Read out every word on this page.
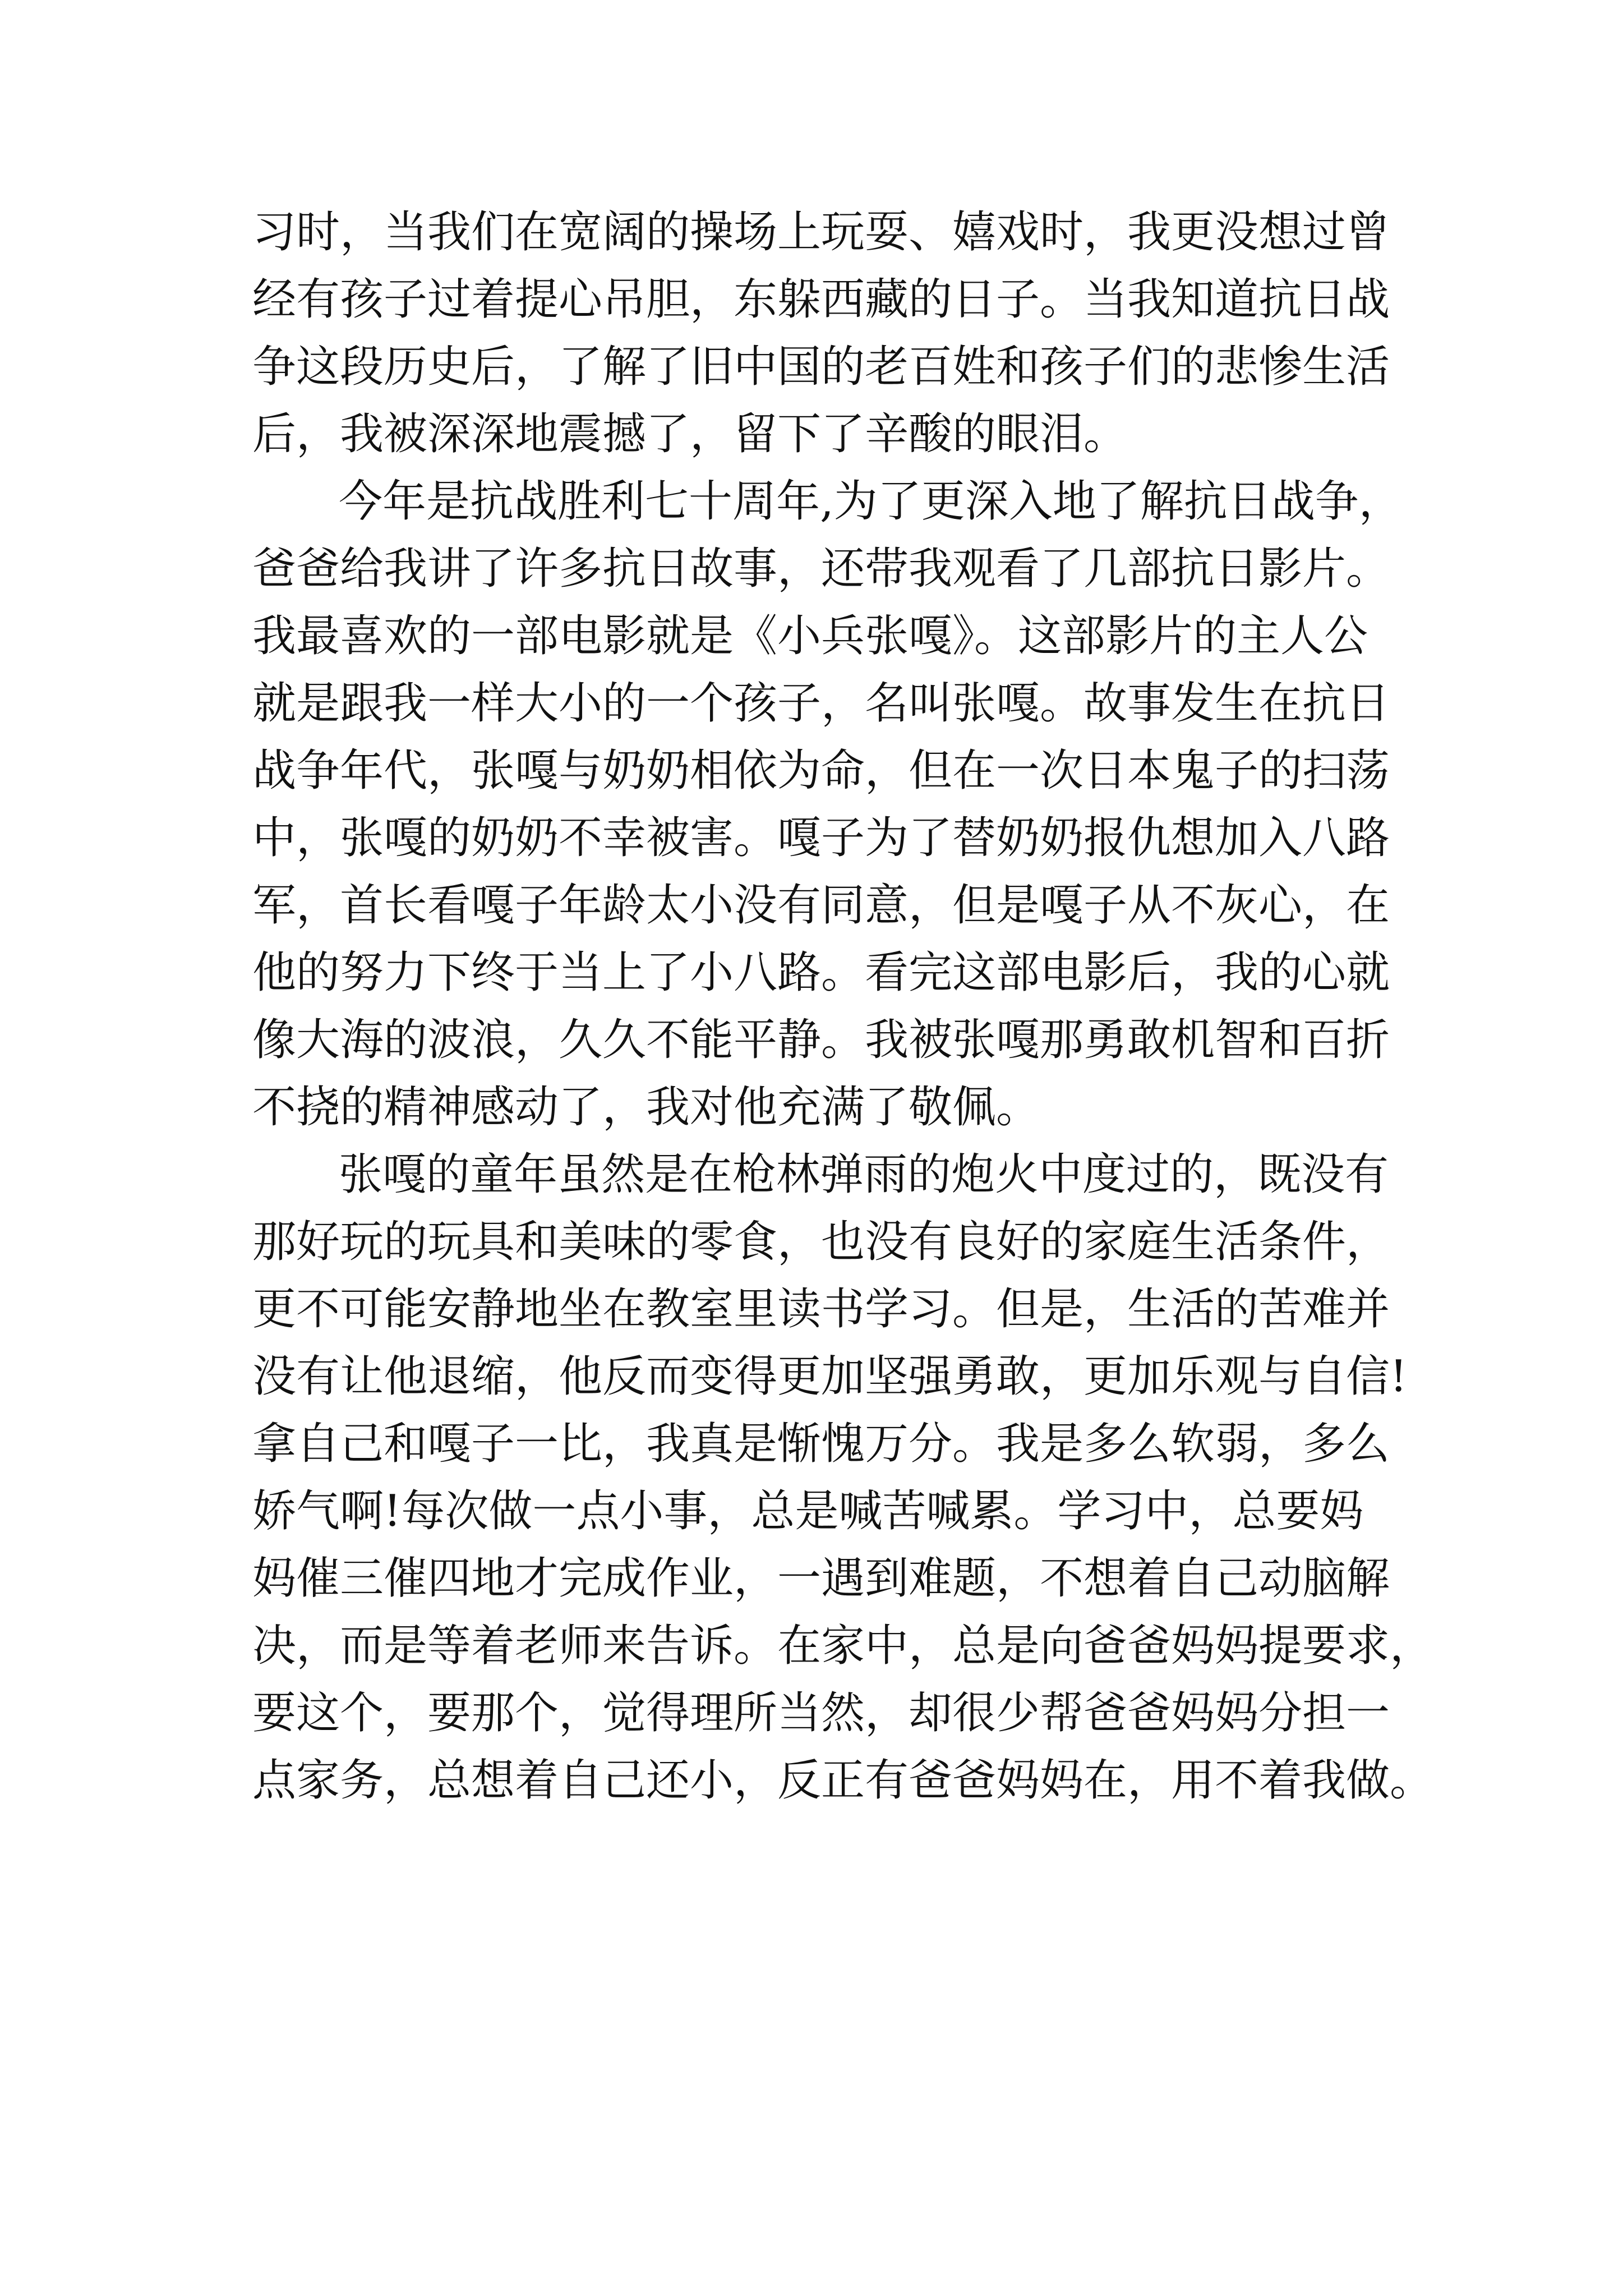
习时，当我们在宽阔的操场上玩耍、嬉戏时，我更没想过曾
经有孩子过着提心吊胆，东躲西藏的日子。当我知道抗日战
争这段历史后，了解了旧中国的老百姓和孩子们的悲惨生活
后，我被深深地震撼了，留下了辛酸的眼泪。
今年是抗战胜利七十周年,为了更深入地了解抗日战争，
爸爸给我讲了许多抗日故事，还带我观看了几部抗日影片。
我最喜欢的一部电影就是《小兵张嘎》。这部影片的主人公
就是跟我一样大小的一个孩子，名叫张嘎。故事发生在抗日
战争年代，张嘎与奶奶相依为命，但在一次日本鬼子的扫荡
中，张嘎的奶奶不幸被害。嘎子为了替奶奶报仇想加入八路
军，首长看嘎子年龄太小没有同意，但是嘎子从不灰心，在
他的努力下终于当上了小八路。看完这部电影后，我的心就
像大海的波浪，久久不能平静。我被张嘎那勇敢机智和百折
不挠的精神感动了，我对他充满了敬佩。
张嘎的童年虽然是在枪林弹雨的炮火中度过的，既没有
那好玩的玩具和美味的零食，也没有良好的家庭生活条件，
更不可能安静地坐在教室里读书学习。但是，生活的苦难并
没有让他退缩，他反而变得更加坚强勇敢，更加乐观与自信!
拿自己和嘎子一比，我真是惭愧万分。我是多么软弱，多么
娇气啊!每次做一点小事，总是喊苦喊累。学习中，总要妈
妈催三催四地才完成作业，一遇到难题，不想着自己动脑解
决，而是等着老师来告诉。在家中，总是向爸爸妈妈提要求，
要这个，要那个，觉得理所当然，却很少帮爸爸妈妈分担一
点家务，总想着自己还小，反正有爸爸妈妈在，用不着我做。
